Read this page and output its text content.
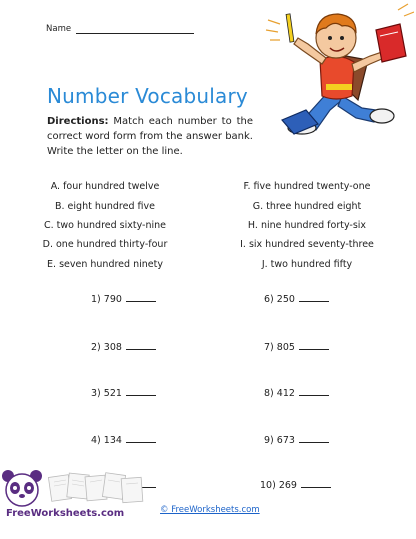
Name
Number Vocabulary
Directions: Match each number to the correct word form from the answer bank. Write the letter on the line.
A. four hundred twelve
B. eight hundred five
C. two hundred sixty-nine
D. one hundred thirty-four
E. seven hundred ninety
F. five hundred twenty-one
G. three hundred eight
H. nine hundred forty-six
I. six hundred seventy-three
J. two hundred fifty
1) 790
2) 308
3) 521
4) 134
6) 250
7) 805
8) 412
9) 673
10) 269
FreeWorksheets.com	© FreeWorksheets.com
